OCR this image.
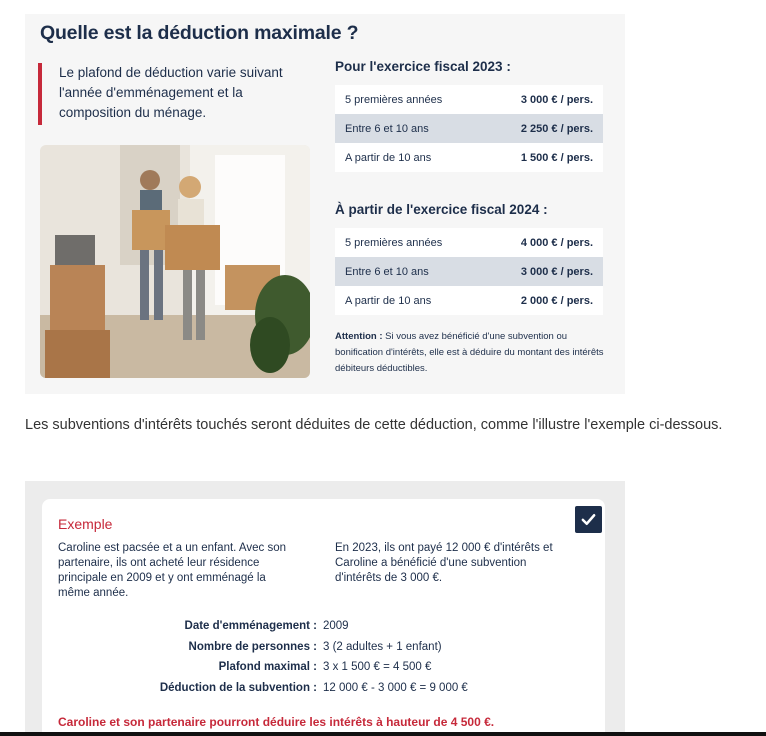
Quelle est la déduction maximale ?
Le plafond de déduction varie suivant l'année d'emménagement et la composition du ménage.
Pour l'exercice fiscal 2023 :
5 premières années	3 000 € / pers.
Entre 6 et 10 ans	2 250 € / pers.
A partir de 10 ans	1 500 € / pers.
À partir de l'exercice fiscal 2024 :
5 premières années	4 000 € / pers.
Entre 6 et 10 ans	3 000 € / pers.
A partir de 10 ans	2 000 € / pers.
Attention : Si vous avez bénéficié d'une subvention ou bonification d'intérêts, elle est à déduire du montant des intérêts débiteurs déductibles.

Les subventions d'intérêts touchés seront déduites de cette déduction, comme l'illustre l'exemple ci-dessous.

Exemple
Caroline est pacsée et a un enfant. Avec son partenaire, ils ont acheté leur résidence principale en 2009 et y ont emménagé la même année.
En 2023, ils ont payé 12 000 € d'intérêts et Caroline a bénéficié d'une subvention d'intérêts de 3 000 €.
Date d'emménagement : 2009
Nombre de personnes : 3 (2 adultes + 1 enfant)
Plafond maximal : 3 x 1 500 € = 4 500 €
Déduction de la subvention : 12 000 € - 3 000 € = 9 000 €
Caroline et son partenaire pourront déduire les intérêts à hauteur de 4 500 €.
